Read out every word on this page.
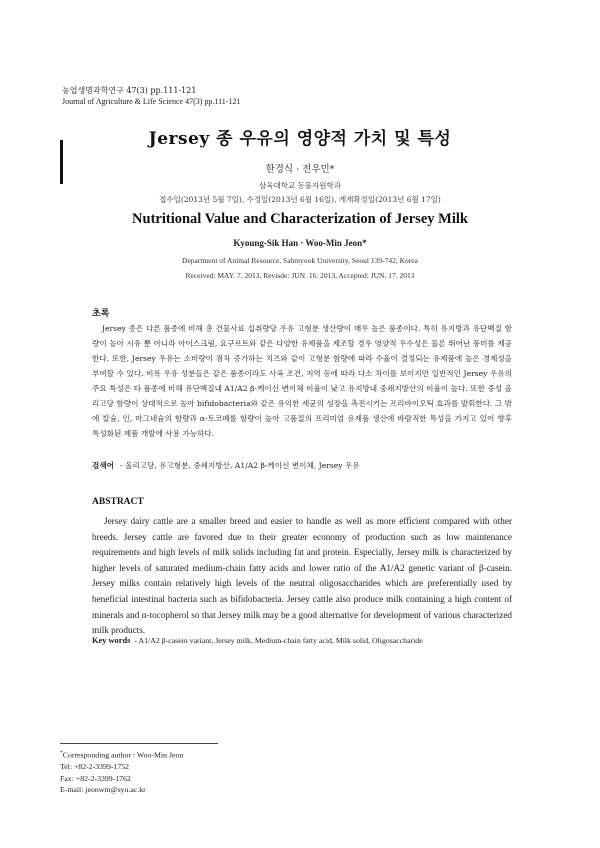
농업생명과학연구 47(3) pp.111-121
Journal of Agriculture & Life Science 47(3) pp.111-121
Jersey 종 우유의 영양적 가치 및 특성
한경식 · 전우민*
삼육대학교 동물자원학과
접수일(2013년 5월 7일), 수정일(2013년 6월 16일), 게재확정일(2013년 6월 17일)
Nutritional Value and Characterization of Jersey Milk
Kyoung-Sik Han · Woo-Min Jeon*
Department of Animal Resource, Sahmyook University, Seoul 139-742, Korea
Received: MAY. 7. 2013, Revisde: JUN. 16. 2013, Accepted: JUN. 17. 2013
초록
Jersey 종은 다른 품종에 비해 총 건물사료 섭취량당 우유 고형분 생산량이 매우 높은 품종이다. 특히 유지방과 유단백질 함량이 높아 시유 뿐 아니라 아이스크림, 요구르트와 같은 다양한 유제품을 제조할 경우 영양적 우수성은 물론 뛰어난 풍미를 제공한다. 또한, Jersey 우유는 소비량이 점차 증가하는 치즈와 같이 고형분 함량에 따라 수율이 결정되는 유제품에 높은 경제성을 부여할 수 있다. 비록 우유 성분들은 같은 품종이라도 사육 조건, 지역 등에 따라 다소 차이를 보이지만 일반적인 Jersey 우유의 주요 특성은 타 품종에 비해 유단백질내 A1/A2 β-케이신 변이체 비율이 낮고 유지방내 중쇄지방산의 비율이 높다. 또한 중성 올리고당 함량이 상대적으로 높아 bifidobacteria와 같은 유익한 세균의 성장을 촉진시키는 프리바이오틱 효과를 발휘한다. 그 밖에 칼슘, 인, 마그네슘의 함량과 α-토코페롤 함량이 높아 고품질의 프리미엄 유제품 생산에 바람직한 특성을 가지고 있어 향후 특성화된 제품 개발에 사용 가능하다.
검색어 - 올리고당, 유고형분, 중쇄지방산, A1/A2 β-케이신 변이체, Jersey 우유
ABSTRACT
Jersey dairy cattle are a smaller breed and easier to handle as well as more efficient compared with other breeds. Jersey cattle are favored due to their greater economy of production such as low maintenance requirements and high levels of milk solids including fat and protein. Especially, Jersey milk is characterized by higher levels of saturated medium-chain fatty acids and lower ratio of the A1/A2 genetic variant of β-casein. Jersey milks contain relatively high levels of the neutral oligosaccharides which are preferentially used by beneficial intestinal bacteria such as bifidobacteria. Jersey cattle also produce milk containing a high content of minerals and α-tocopherol so that Jersey milk may be a good alternative for development of various characterized milk products.
Key words - A1/A2 β-casein variant, Jersey milk, Medium-chain fatty acid, Milk solid, Oligosaccharide
*Corresponding author : Woo-Min Jeon
Tel: +82-2-3399-1752
Fax: +82-2-3399-1762
E-mail: jeonwm@syu.ac.kr
